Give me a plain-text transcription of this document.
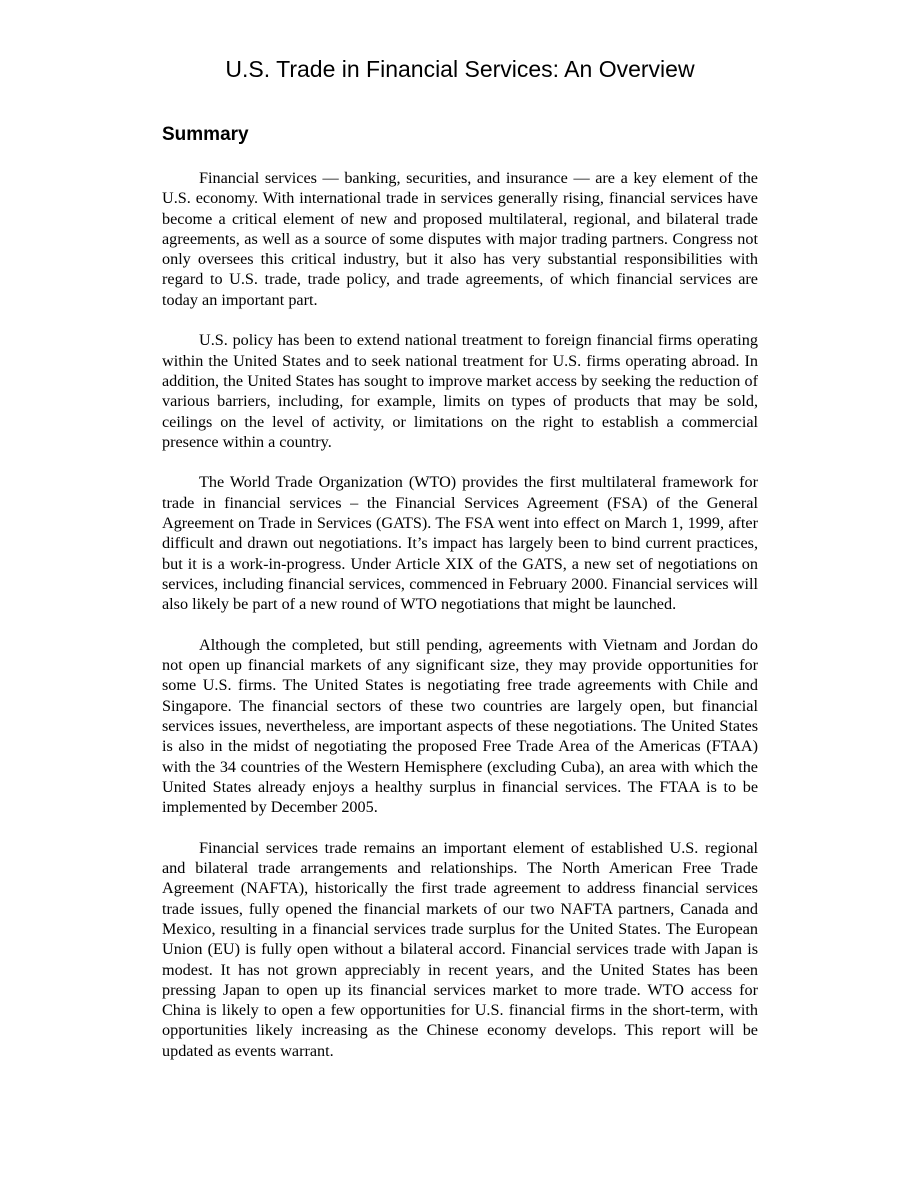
U.S. Trade in Financial Services: An Overview
Summary

Financial services — banking, securities, and insurance — are a key element of the U.S. economy. With international trade in services generally rising, financial services have become a critical element of new and proposed multilateral, regional, and bilateral trade agreements, as well as a source of some disputes with major trading partners. Congress not only oversees this critical industry, but it also has very substantial responsibilities with regard to U.S. trade, trade policy, and trade agreements, of which financial services are today an important part.

U.S. policy has been to extend national treatment to foreign financial firms operating within the United States and to seek national treatment for U.S. firms operating abroad. In addition, the United States has sought to improve market access by seeking the reduction of various barriers, including, for example, limits on types of products that may be sold, ceilings on the level of activity, or limitations on the right to establish a commercial presence within a country.

The World Trade Organization (WTO) provides the first multilateral framework for trade in financial services – the Financial Services Agreement (FSA) of the General Agreement on Trade in Services (GATS). The FSA went into effect on March 1, 1999, after difficult and drawn out negotiations. It’s impact has largely been to bind current practices, but it is a work-in-progress. Under Article XIX of the GATS, a new set of negotiations on services, including financial services, commenced in February 2000. Financial services will also likely be part of a new round of WTO negotiations that might be launched.

Although the completed, but still pending, agreements with Vietnam and Jordan do not open up financial markets of any significant size, they may provide opportunities for some U.S. firms. The United States is negotiating free trade agreements with Chile and Singapore. The financial sectors of these two countries are largely open, but financial services issues, nevertheless, are important aspects of these negotiations. The United States is also in the midst of negotiating the proposed Free Trade Area of the Americas (FTAA) with the 34 countries of the Western Hemisphere (excluding Cuba), an area with which the United States already enjoys a healthy surplus in financial services. The FTAA is to be implemented by December 2005.

Financial services trade remains an important element of established U.S. regional and bilateral trade arrangements and relationships. The North American Free Trade Agreement (NAFTA), historically the first trade agreement to address financial services trade issues, fully opened the financial markets of our two NAFTA partners, Canada and Mexico, resulting in a financial services trade surplus for the United States. The European Union (EU) is fully open without a bilateral accord. Financial services trade with Japan is modest. It has not grown appreciably in recent years, and the United States has been pressing Japan to open up its financial services market to more trade. WTO access for China is likely to open a few opportunities for U.S. financial firms in the short-term, with opportunities likely increasing as the Chinese economy develops. This report will be updated as events warrant.
